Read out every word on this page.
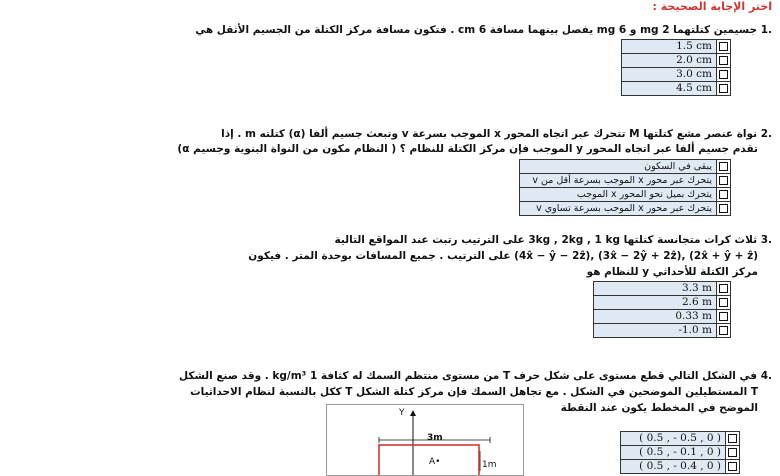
اختر الإجابة الصحيحة :
.1 جسيمين كتلتهما 2 mg و 6 mg يفصل بينهما مسافة 6 cm . فتكون مسافة مركز الكتلة من الجسيم الأثقل هي
1.5 cm	
2.0 cm	
3.0 cm	
4.5 cm	
.2 نواة عنصر مشع كتلتها M تتحرك عبر اتجاه المحور x الموجب بسرعة v وتبعث جسيم ألفا (α) كتلته m . إذا
تقدم جسيم ألفا عبر اتجاه المحور y الموجب فإن مركز الكتلة للنظام ؟ ( النظام مكون من النواة البنوية وجسيم α)
يبقى في السكون	
يتحرك عبر محور x الموجب بسرعة أقل من v	
يتحرك بميل نحو المحور x الموجب	
يتحرك عبر محور x الموجب بسرعة تساوي v	
.3 ثلاث كرات متجانسة كتلتها 3kg , 2kg , 1 kg على الترتيب رتبت عند المواقع التالية
(2x̂ + ŷ + ẑ) ,(3x̂ − 2ŷ + 2ẑ) ,(4x̂ − ŷ − 2ẑ) على الترتيب . جميع المسافات بوحدة المتر . فيكون
مركز الكتلة للأحداثي y للنظام هو
3.3 m	
2.6 m	
0.33 m	
-1.0 m	
.4 في الشكل التالي قطع مستوى على شكل حرف T من مستوى منتظم السمك له كثافة 1 kg/m³ . وقد صنع الشكل
T المستطيلين الموضحين في الشكل . مع تجاهل السمك فإن مركز كتلة الشكل T ككل بالنسبة لنظام الاحداثيات
الموضح في المخطط يكون عند النقطة
Y
3m
1m
•A
( 0.5 , - 0.5 , 0 )	
( 0.5 , - 0.1 , 0 )	
( 0.5 , - 0.4 , 0 )	
